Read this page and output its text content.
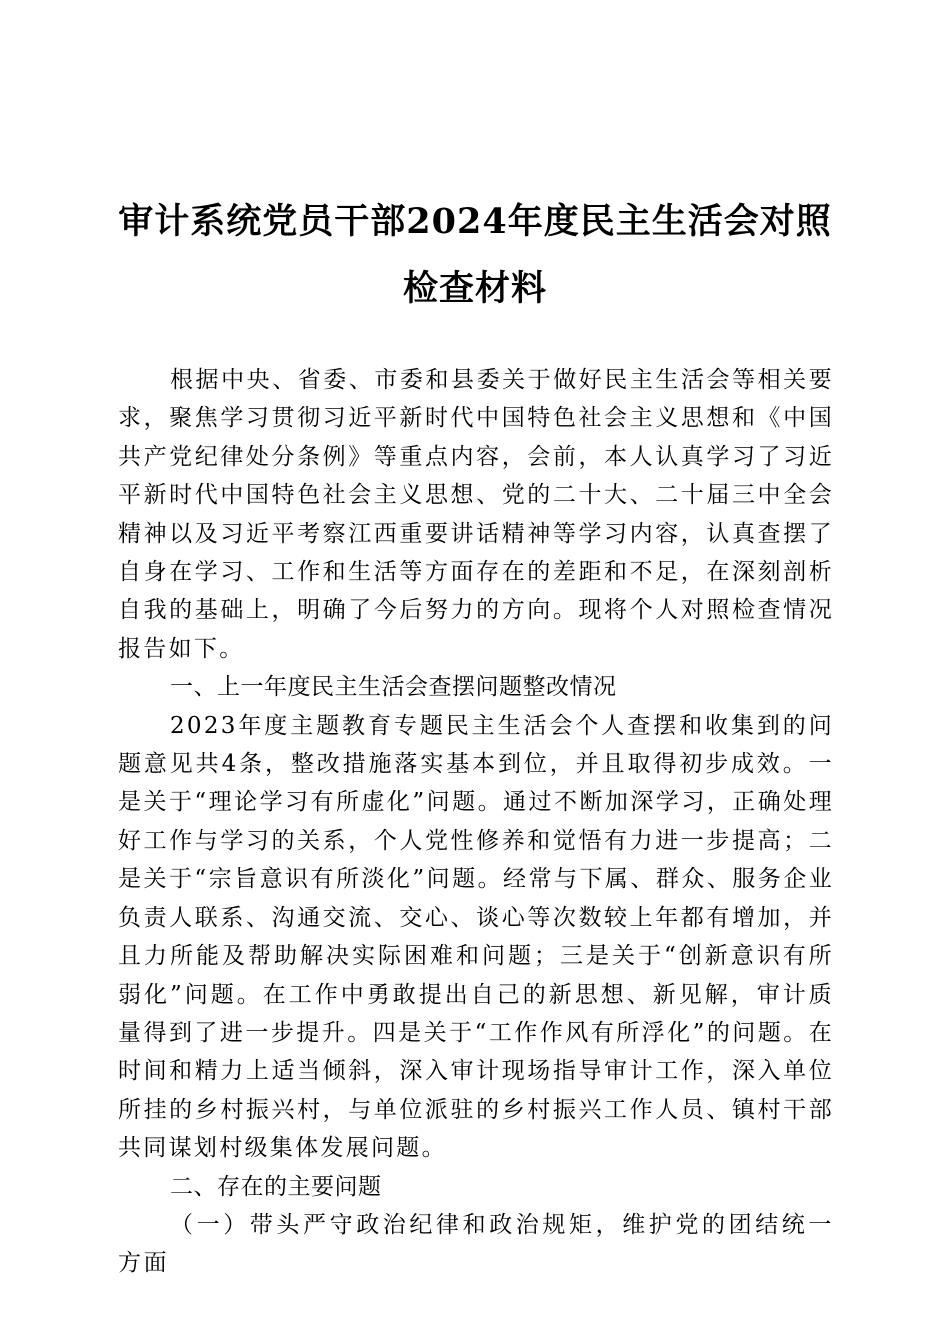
审计系统党员干部2024年度民主生活会对照
检查材料

根据中央、省委、市委和县委关于做好民主生活会等相关要求，聚焦学习贯彻习近平新时代中国特色社会主义思想和《中国共产党纪律处分条例》等重点内容，会前，本人认真学习了习近平新时代中国特色社会主义思想、党的二十大、二十届三中全会精神以及习近平考察江西重要讲话精神等学习内容，认真查摆了自身在学习、工作和生活等方面存在的差距和不足，在深刻剖析自我的基础上，明确了今后努力的方向。现将个人对照检查情况报告如下。

一、上一年度民主生活会查摆问题整改情况

2023年度主题教育专题民主生活会个人查摆和收集到的问题意见共4条，整改措施落实基本到位，并且取得初步成效。一是关于“理论学习有所虚化”问题。通过不断加深学习，正确处理好工作与学习的关系，个人党性修养和觉悟有力进一步提高；二是关于“宗旨意识有所淡化”问题。经常与下属、群众、服务企业负责人联系、沟通交流、交心、谈心等次数较上年都有增加，并且力所能及帮助解决实际困难和问题；三是关于“创新意识有所弱化”问题。在工作中勇敢提出自己的新思想、新见解，审计质量得到了进一步提升。四是关于“工作作风有所浮化”的问题。在时间和精力上适当倾斜，深入审计现场指导审计工作，深入单位所挂的乡村振兴村，与单位派驻的乡村振兴工作人员、镇村干部共同谋划村级集体发展问题。

二、存在的主要问题

（一）带头严守政治纪律和政治规矩，维护党的团结统一方面
